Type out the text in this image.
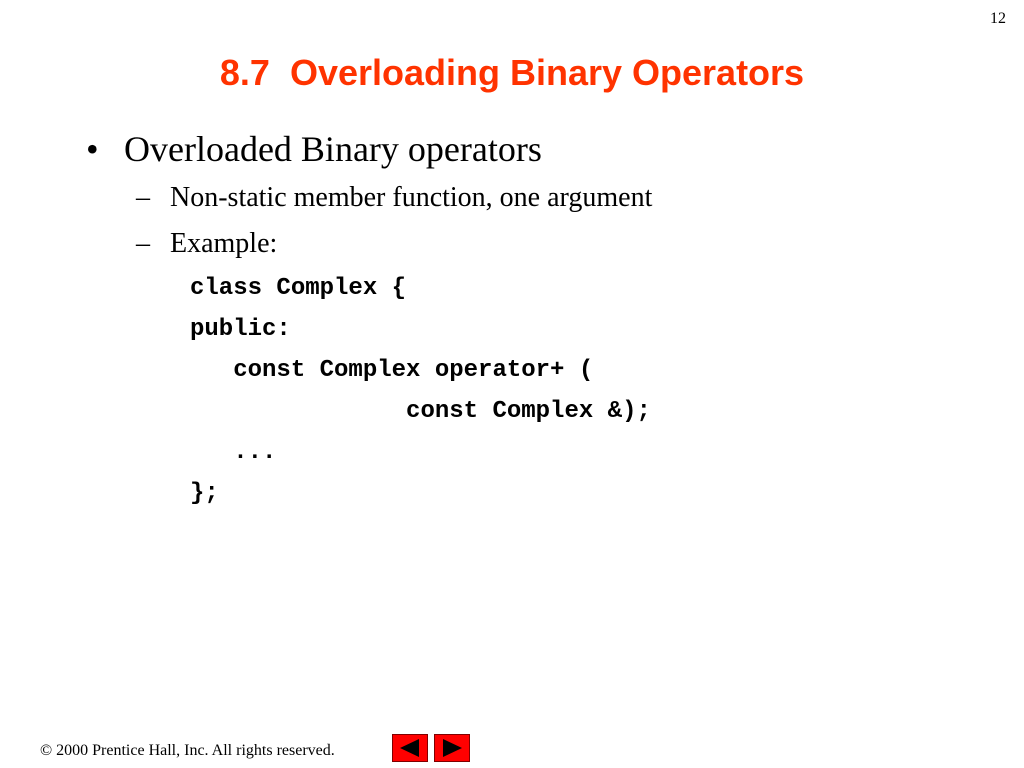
12
8.7  Overloading Binary Operators
• Overloaded Binary operators
– Non-static member function, one argument
– Example:
class Complex {
public:
const Complex operator+ (
const Complex &);
...
};
© 2000 Prentice Hall, Inc. All rights reserved.
